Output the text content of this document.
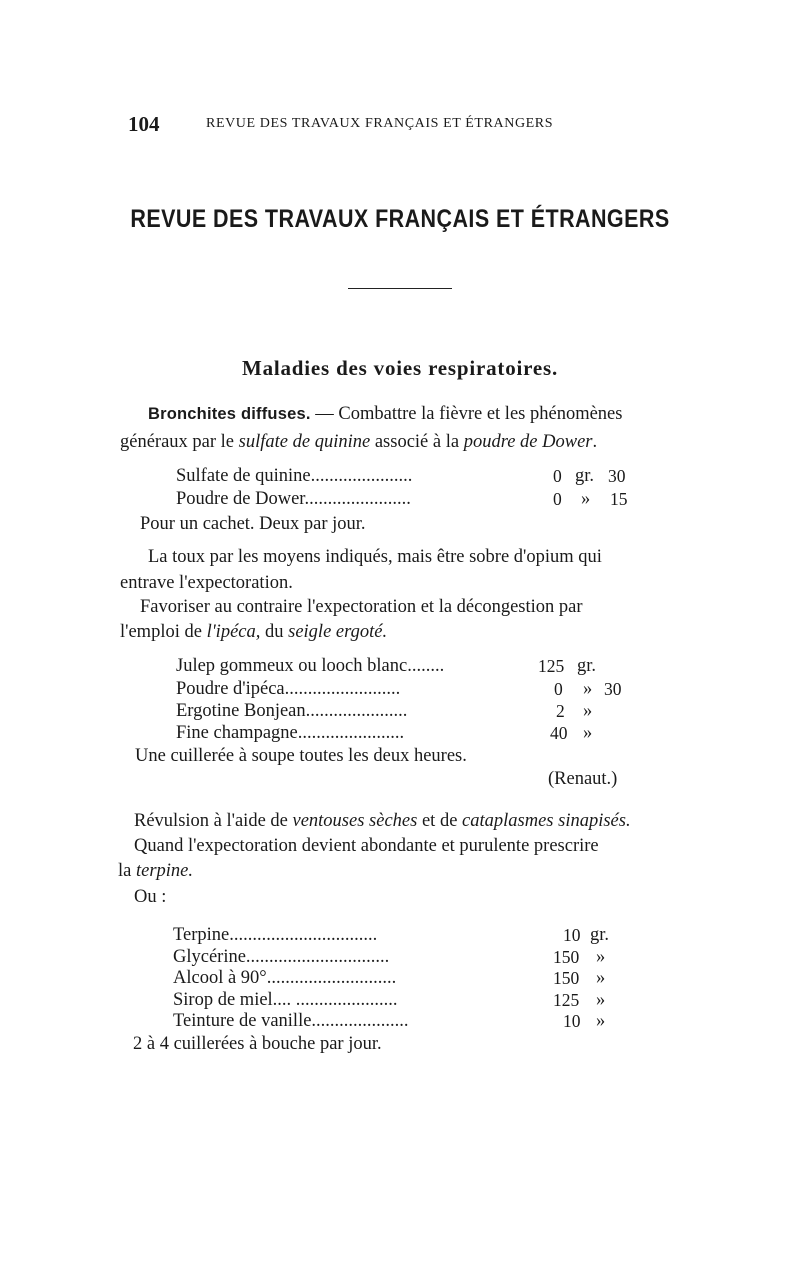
104	REVUE DES TRAVAUX FRANÇAIS ET ÉTRANGERS
REVUE DES TRAVAUX FRANÇAIS ET ÉTRANGERS
Maladies des voies respiratoires.
Bronchites diffuses. — Combattre la fièvre et les phénomènes
généraux par le sulfate de quinine associé à la poudre de Dower.
Sulfate de quinine......................	0 gr. 30
Poudre de Dower.......................	0 » 15
Pour un cachet. Deux par jour.
La toux par les moyens indiqués, mais être sobre d'opium qui
entrave l'expectoration.
Favoriser au contraire l'expectoration et la décongestion par
l'emploi de l'ipéca, du seigle ergoté.
Julep gommeux ou looch blanc........	125 gr.
Poudre d'ipéca.........................	0 » 30
Ergotine Bonjean......................	2 »
Fine champagne.......................	40 »
Une cuillerée à soupe toutes les deux heures.
(Renaut.)
Révulsion à l'aide de ventouses sèches et de cataplasmes sinapisés.
Quand l'expectoration devient abondante et purulente prescrire
la terpine.
Ou :
Terpine................................	10 gr.
Glycérine...............................	150 »
Alcool à 90°............................	150 »
Sirop de miel.... ......................	125 »
Teinture de vanille.....................	10 »
2 à 4 cuillerées à bouche par jour.
